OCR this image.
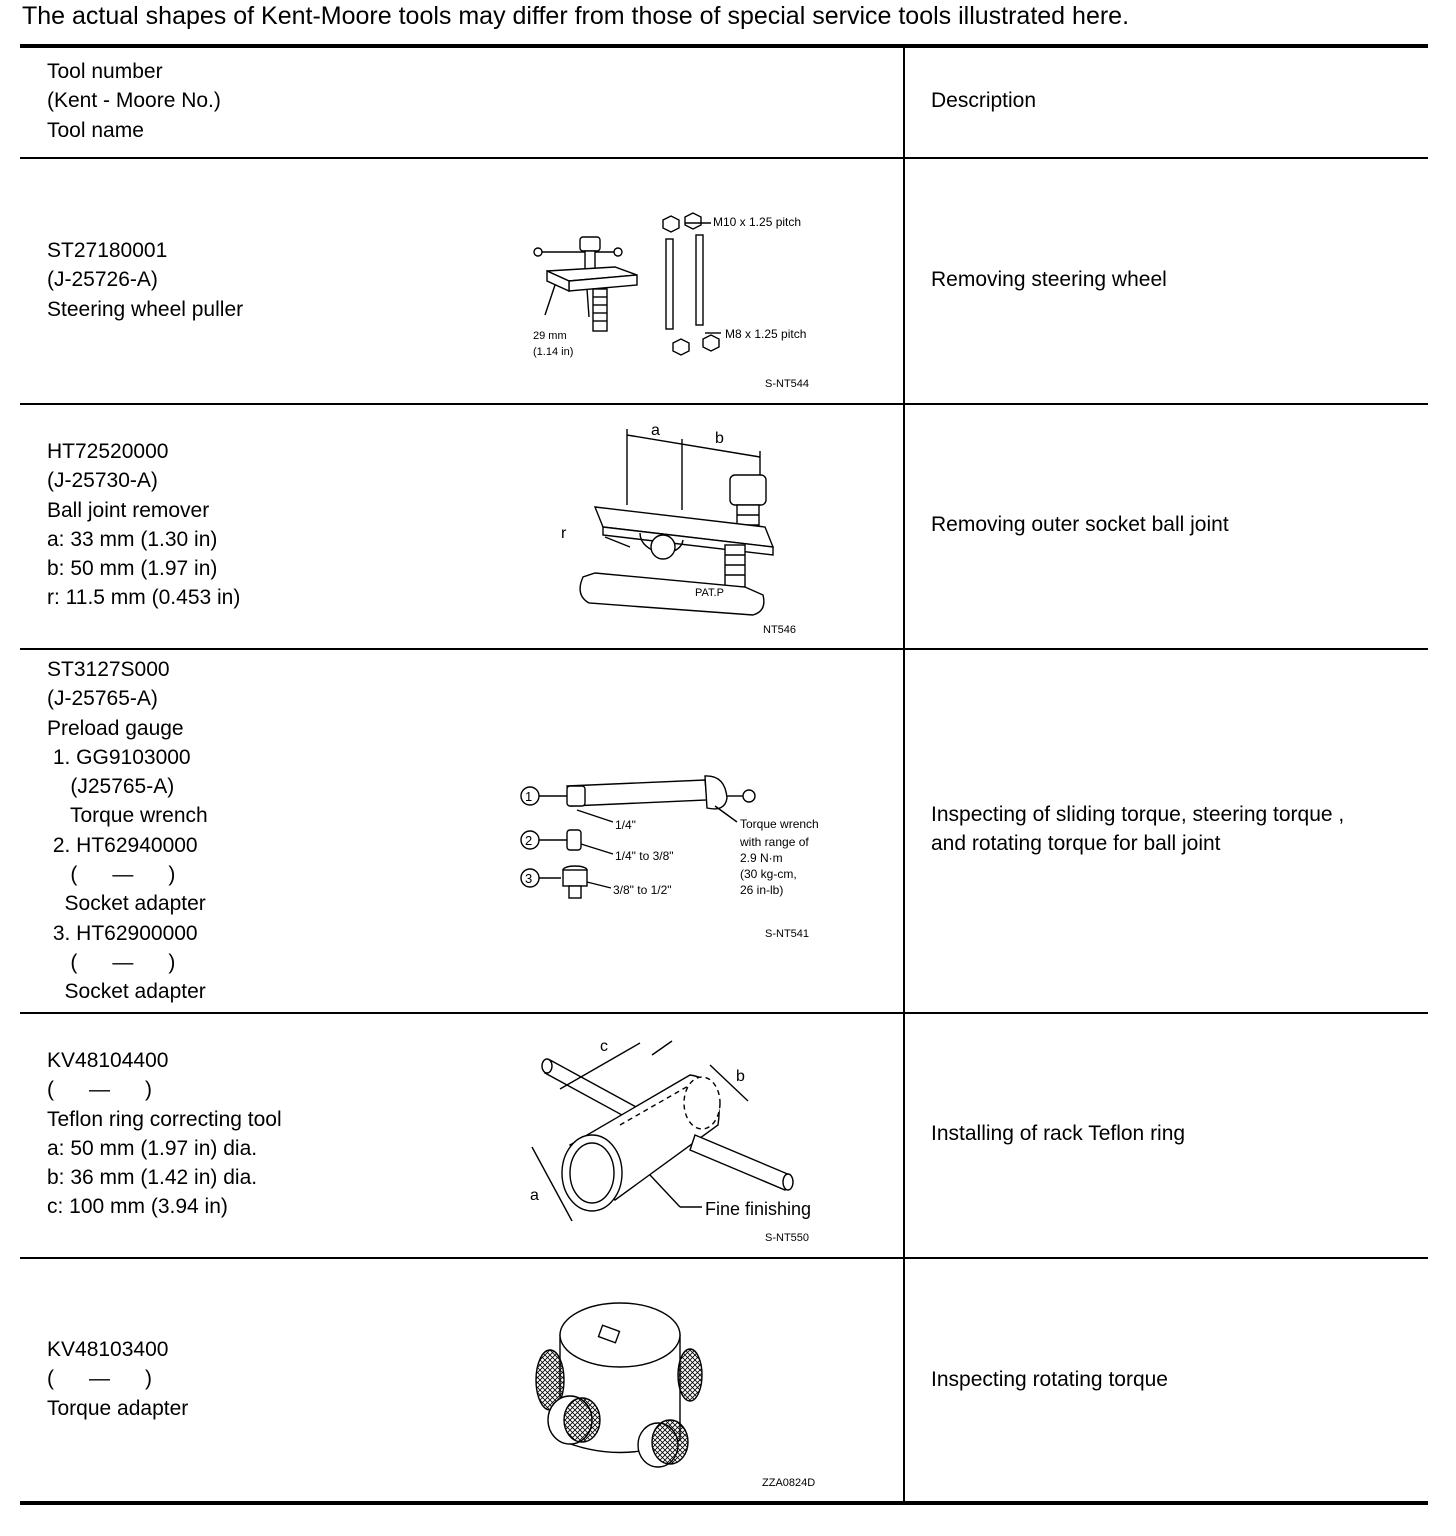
The actual shapes of Kent-Moore tools may differ from those of special service tools illustrated here.
Tool number
(Kent - Moore No.)
Tool name
Description
ST27180001
(J-25726-A)
Steering wheel puller
Removing steering wheel
M10 x 1.25 pitch
M8 x 1.25 pitch
29 mm
(1.14 in)
S-NT544
HT72520000
(J-25730-A)
Ball joint remover
a: 33 mm (1.30 in)
b: 50 mm (1.97 in)
r: 11.5 mm (0.453 in)
Removing outer socket ball joint
a	b
r
PAT.P
NT546
ST3127S000
(J-25765-A)
Preload gauge
1. GG9103000
(J25765-A)
Torque wrench
2. HT62940000
(      —      )
Socket adapter
3. HT62900000
(      —      )
Socket adapter
Inspecting of sliding torque, steering torque ,
and rotating torque for ball joint
1
2
3
1/4"
1/4" to 3/8"
3/8" to 1/2"
Torque wrench
with range of
2.9 N·m
(30 kg-cm,
26 in-lb)
S-NT541
KV48104400
(      —      )
Teflon ring correcting tool
a: 50 mm (1.97 in) dia.
b: 36 mm (1.42 in) dia.
c: 100 mm (3.94 in)
Installing of rack Teflon ring
c
b
a
Fine finishing
S-NT550
KV48103400
(      —      )
Torque adapter
Inspecting rotating torque
ZZA0824D
